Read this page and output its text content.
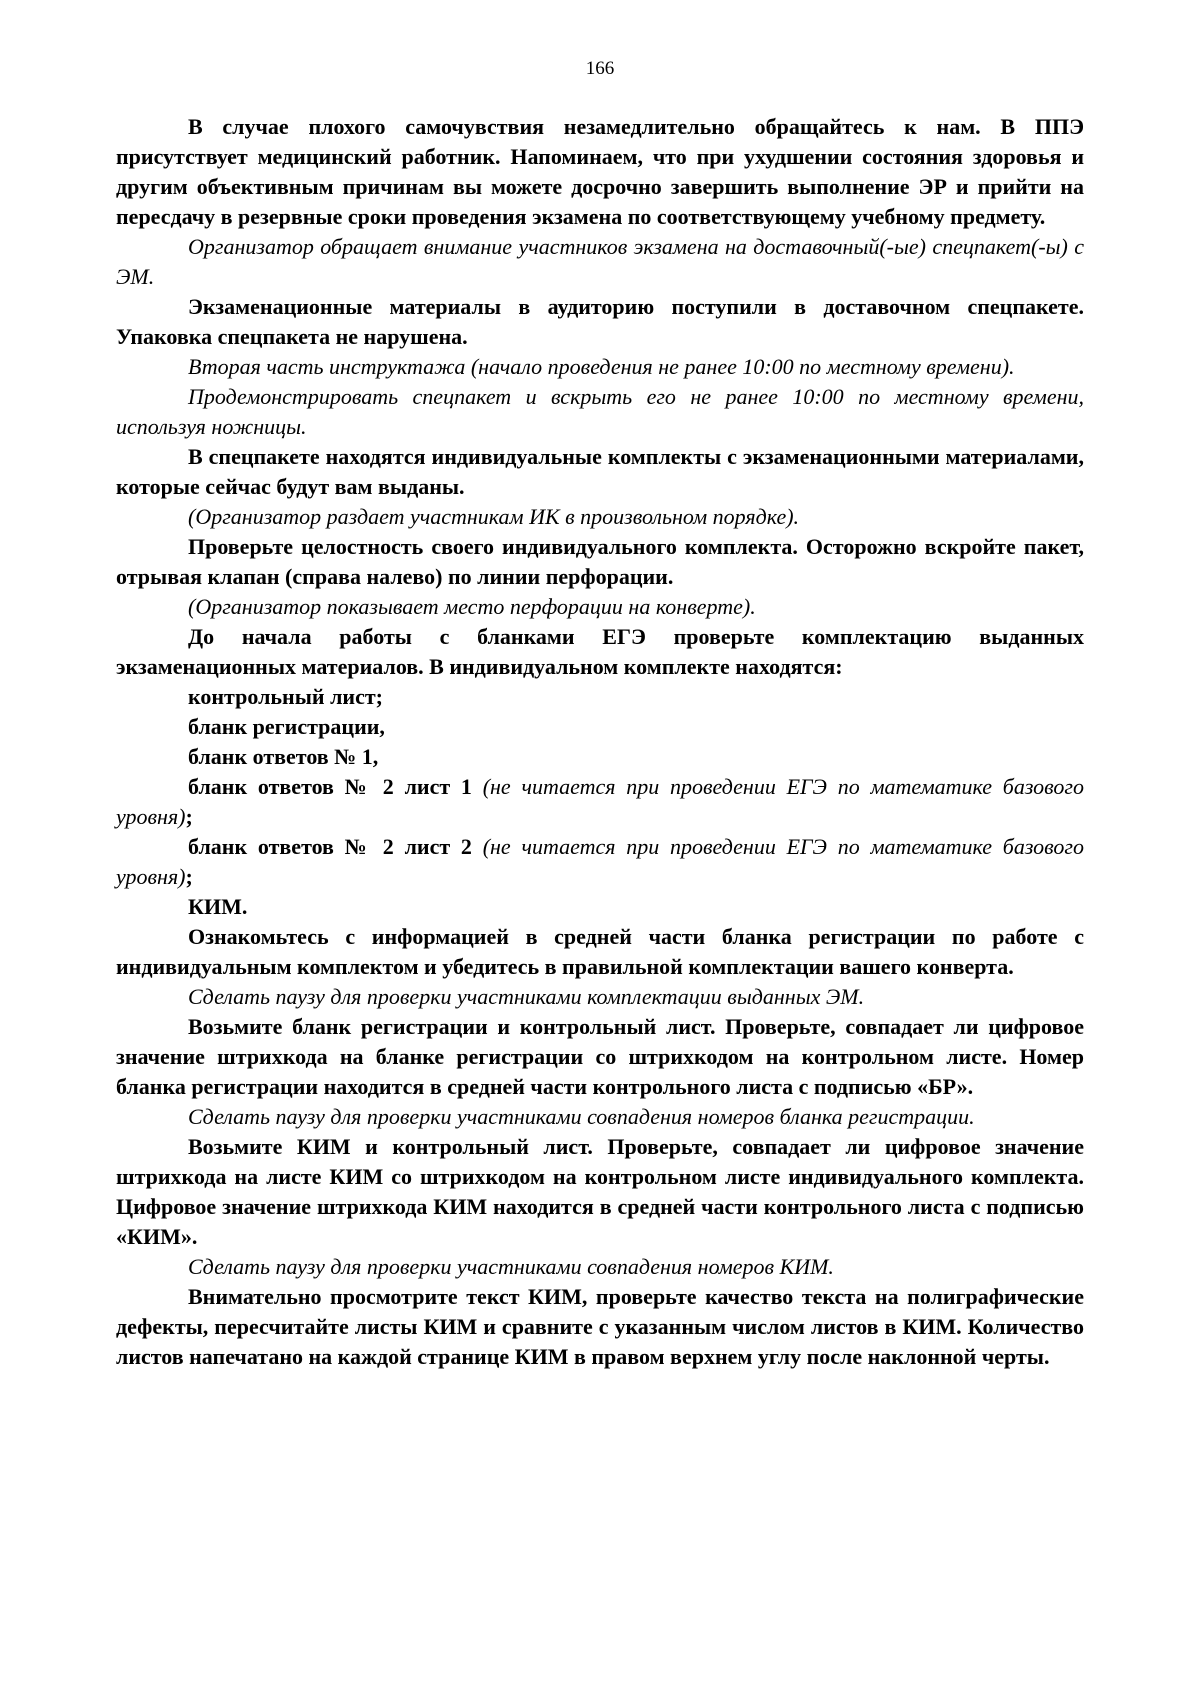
166

В случае плохого самочувствия незамедлительно обращайтесь к нам. В ППЭ присутствует медицинский работник. Напоминаем, что при ухудшении состояния здоровья и другим объективным причинам вы можете досрочно завершить выполнение ЭР и прийти на пересдачу в резервные сроки проведения экзамена по соответствующему учебному предмету.

Организатор обращает внимание участников экзамена на доставочный(-ые) спецпакет(-ы) с ЭМ.

Экзаменационные материалы в аудиторию поступили в доставочном спецпакете. Упаковка спецпакета не нарушена.

Вторая часть инструктажа (начало проведения не ранее 10:00 по местному времени).

Продемонстрировать спецпакет и вскрыть его не ранее 10:00 по местному времени, используя ножницы.

В спецпакете находятся индивидуальные комплекты с экзаменационными материалами, которые сейчас будут вам выданы.

(Организатор раздает участникам ИК в произвольном порядке).

Проверьте целостность своего индивидуального комплекта. Осторожно вскройте пакет, отрывая клапан (справа налево) по линии перфорации.

(Организатор показывает место перфорации на конверте).

До начала работы с бланками ЕГЭ проверьте комплектацию выданных экзаменационных материалов. В индивидуальном комплекте находятся:

контрольный лист;

бланк регистрации,

бланк ответов № 1,

бланк ответов № 2 лист 1 (не читается при проведении ЕГЭ по математике базового уровня);

бланк ответов № 2 лист 2 (не читается при проведении ЕГЭ по математике базового уровня);

КИМ.

Ознакомьтесь с информацией в средней части бланка регистрации по работе с индивидуальным комплектом и убедитесь в правильной комплектации вашего конверта.

Сделать паузу для проверки участниками комплектации выданных ЭМ.

Возьмите бланк регистрации и контрольный лист. Проверьте, совпадает ли цифровое значение штрихкода на бланке регистрации со штрихкодом на контрольном листе. Номер бланка регистрации находится в средней части контрольного листа с подписью «БР».

Сделать паузу для проверки участниками совпадения номеров бланка регистрации.

Возьмите КИМ и контрольный лист. Проверьте, совпадает ли цифровое значение штрихкода на листе КИМ со штрихкодом на контрольном листе индивидуального комплекта. Цифровое значение штрихкода КИМ находится в средней части контрольного листа с подписью «КИМ».

Сделать паузу для проверки участниками совпадения номеров КИМ.

Внимательно просмотрите текст КИМ, проверьте качество текста на полиграфические дефекты, пересчитайте листы КИМ и сравните с указанным числом листов в КИМ. Количество листов напечатано на каждой странице КИМ в правом верхнем углу после наклонной черты.
